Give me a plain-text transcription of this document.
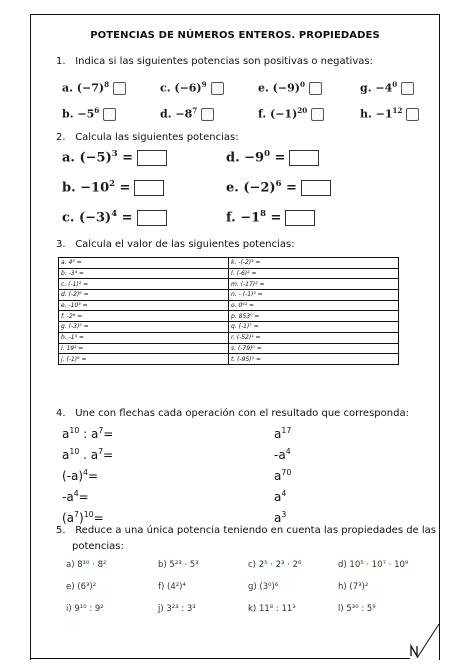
POTENCIAS DE NÚMEROS ENTEROS. PROPIEDADES
1. Indica si las siguientes potencias son positivas o negativas:
a. $(-7)^8$	c. $(-6)^9$	e. $(-9)^0$	g. $-4^0$
b. $-5^6$	d. $-8^7$	f. $(-1)^{20}$	h. $-1^{12}$
2. Calcula las siguientes potencias:
a. $(-5)^3$ =	d. $-9^0$ =
b. $-10^2$ =	e. $(-2)^6$ =
c. $(-3)^4$ =	f. $-1^8$ =
3. Calcula el valor de las siguientes potencias:
a. 4³ =	k. -(-2)³ =
b. -3⁴ =	l. (-6)² =
c. (-1)² =	m. (-17)² =
d. (-2)⁶ =	n. - (-1)² =
e. -10³ =	o. 0⁶¹ =
f. -2⁸ =	p. 853⁰ =
g. (-3)⁵ =	q. (-1)⁷ =
h. -1⁴ =	r. (-52)¹ =
i. 19² =	s. (-79)⁰ =
j. (-1)⁶ =	t. (-95)¹ =
4. Une con flechas cada operación con el resultado que corresponda:
$a^{10}$ : $a^7=$
$a^{10}$ . $a^7=$
$(-a)^4=$
$-a^4=$
$(a^7)^{10}=$
$a^{17}$
$-a^4$
$a^{70}$
$a^4$
$a^3$
5. Reduce a una única potencia teniendo en cuenta las propiedades de las
potencias:
a) 8¹⁰ · 8²	b) 5²³ · 5³	c) 2⁵ · 2³ · 2⁶	d) 10⁵ · 10⁷ · 10⁹
e) (6³)²	f) (4²)⁴	g) (3⁰)⁶	h) (7³)²
i) 9¹⁰ : 9²	j) 3²³ : 3³	k) 11⁸ : 11³	l) 5³⁰ : 5⁹
